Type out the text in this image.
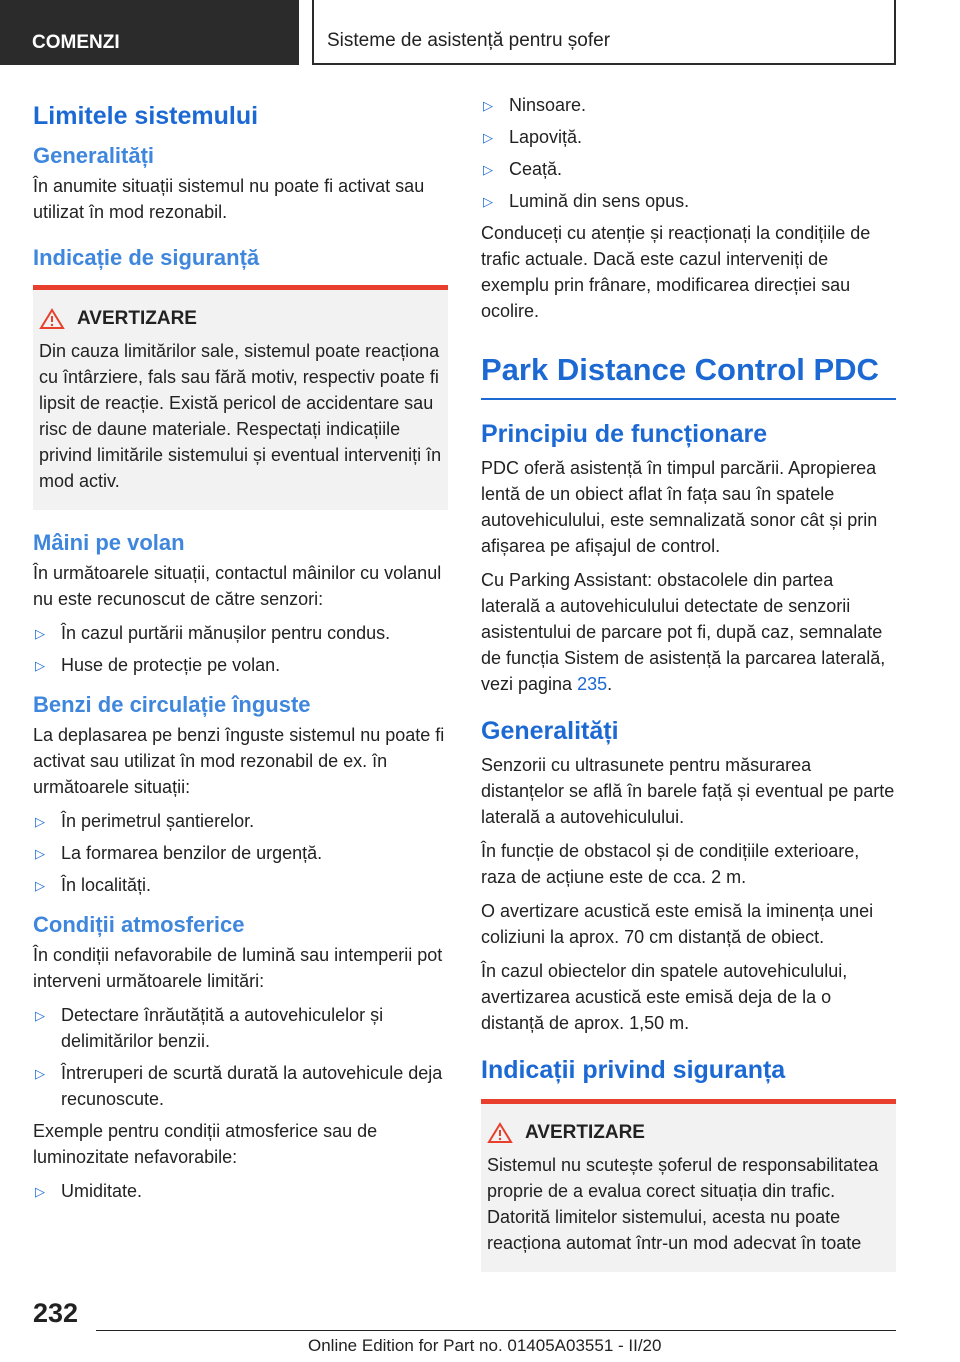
COMENZI	Sisteme de asistență pentru șofer
Limitele sistemului
Generalități

În anumite situații sistemul nu poate fi activat sau utilizat în mod rezonabil.

Indicație de siguranță
AVERTIZARE

Din cauza limitărilor sale, sistemul poate reacționa cu întârziere, fals sau fără motiv, respectiv poate fi lipsit de reacție. Există pericol de accidentare sau risc de daune materiale. Respectați indicațiile privind limitările sistemului și eventual interveniți în mod activ.

Mâini pe volan

În următoarele situații, contactul mâinilor cu volanul nu este recunoscut de către senzori:

▷ În cazul purtării mănușilor pentru condus.
▷ Huse de protecție pe volan.
Benzi de circulație înguste

La deplasarea pe benzi înguste sistemul nu poate fi activat sau utilizat în mod rezonabil de ex. în următoarele situații:

▷ În perimetrul șantierelor.
▷ La formarea benzilor de urgență.
▷ În localități.
Condiții atmosferice

În condiții nefavorabile de lumină sau intemperii pot interveni următoarele limitări:

▷ Detectare înrăutățită a autovehiculelor și delimitărilor benzii.
▷ Întreruperi de scurtă durată la autovehicule deja recunoscute.

Exemple pentru condiții atmosferice sau de luminozitate nefavorabile:

▷ Umiditate.
▷ Ninsoare.
▷ Lapoviță.
▷ Ceață.
▷ Lumină din sens opus.

Conduceți cu atenție și reacționați la condițiile de trafic actuale. Dacă este cazul interveniți de exemplu prin frânare, modificarea direcției sau ocolire.

Park Distance Control PDC
Principiu de funcționare

PDC oferă asistență în timpul parcării. Apropierea lentă de un obiect aflat în fața sau în spatele autovehiculului, este semnalizată sonor cât și prin afișarea pe afișajul de control.

Cu Parking Assistant: obstacolele din partea laterală a autovehiculului detectate de senzorii asistentului de parcare pot fi, după caz, semnalate de funcția Sistem de asistență la parcarea laterală, vezi pagina 235.

Generalități

Senzorii cu ultrasunete pentru măsurarea distanțelor se află în barele față și eventual pe parte laterală a autovehiculului.

În funcție de obstacol și de condițiile exterioare, raza de acțiune este de cca. 2 m.

O avertizare acustică este emisă la iminența unei coliziuni la aprox. 70 cm distanță de obiect.

În cazul obiectelor din spatele autovehiculului, avertizarea acustică este emisă deja de la o distanță de aprox. 1,50 m.

Indicații privind siguranța
AVERTIZARE

Sistemul nu scutește șoferul de responsabilitatea proprie de a evalua corect situația din trafic. Datorită limitelor sistemului, acesta nu poate reacționa automat într-un mod adecvat în toate

232
Online Edition for Part no. 01405A03551 - II/20
